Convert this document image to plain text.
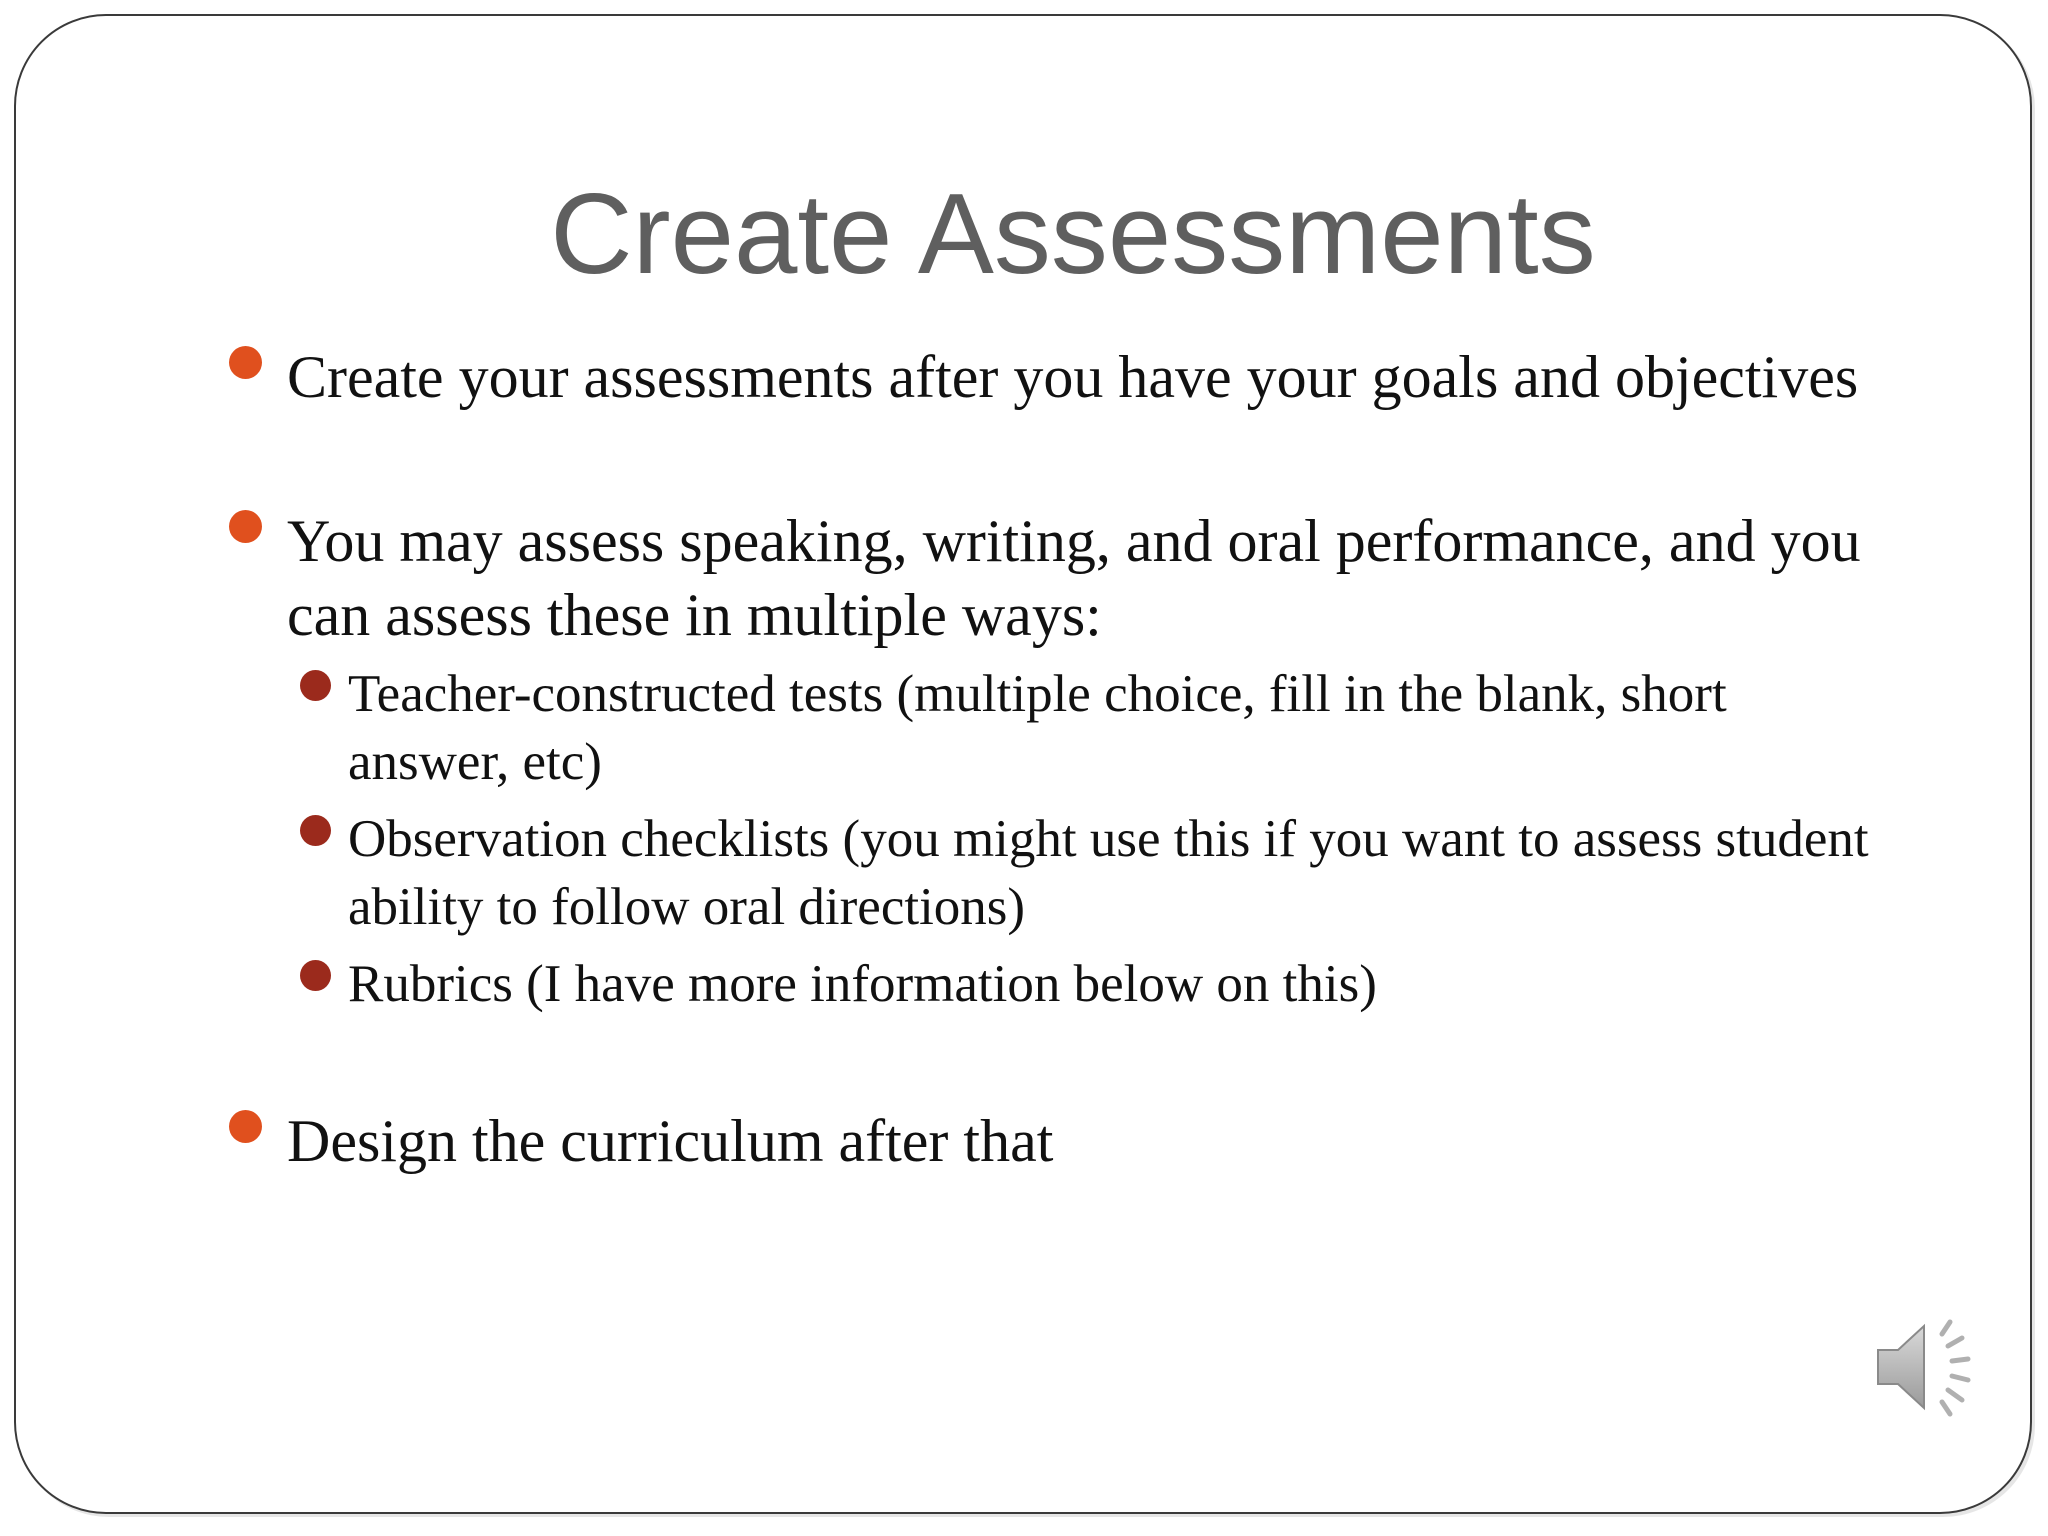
Create Assessments
Create your assessments after you have your goals and objectives
You may assess speaking, writing, and oral performance, and you can assess these in multiple ways:
Teacher-constructed tests (multiple choice, fill in the blank, short answer, etc)
Observation checklists (you might use this if you want to assess student ability to follow oral directions)
Rubrics (I have more information below on this)
Design the curriculum after that
